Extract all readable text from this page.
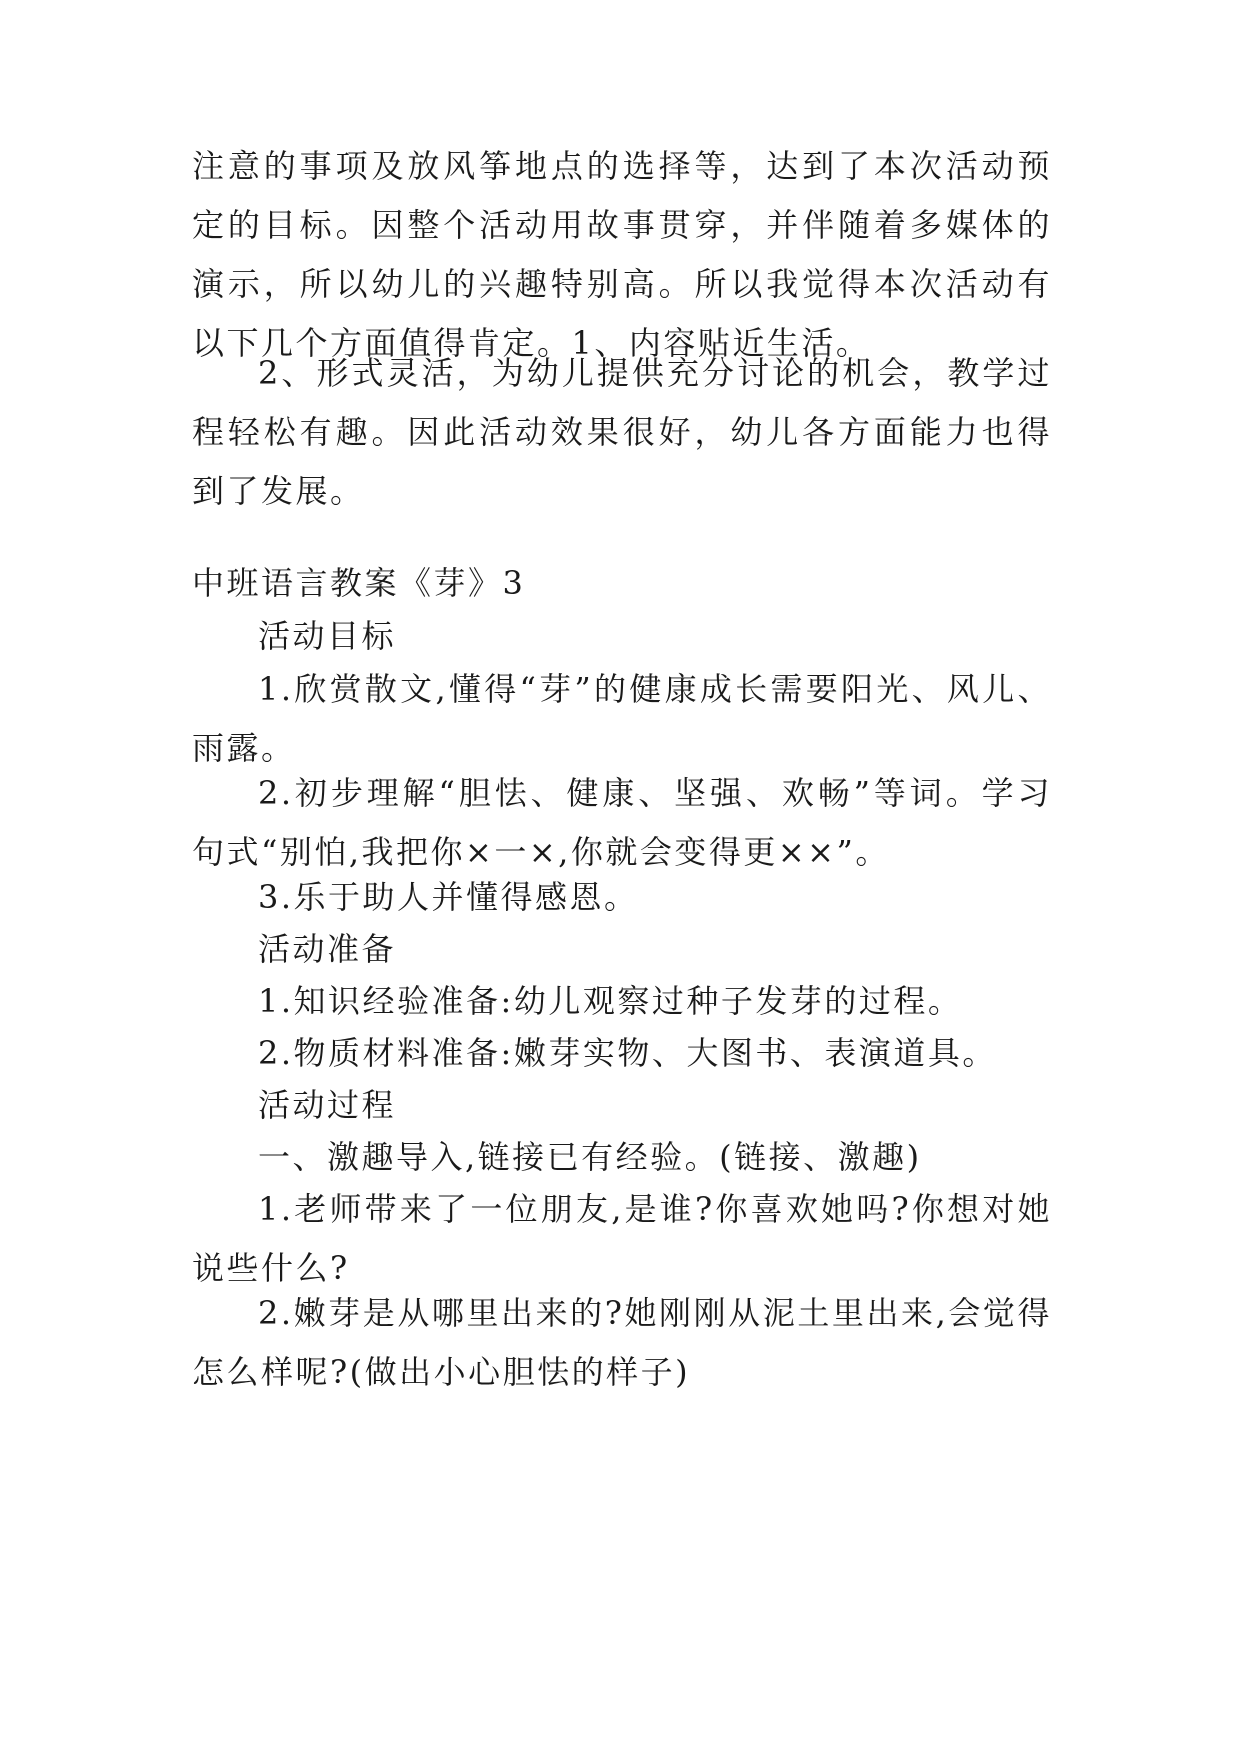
注意的事项及放风筝地点的选择等，达到了本次活动预定的目标。因整个活动用故事贯穿，并伴随着多媒体的演示，所以幼儿的兴趣特别高。所以我觉得本次活动有以下几个方面值得肯定。1、内容贴近生活。

2、形式灵活，为幼儿提供充分讨论的机会，教学过程轻松有趣。因此活动效果很好，幼儿各方面能力也得到了发展。

中班语言教案《芽》3

活动目标

1.欣赏散文,懂得“芽”的健康成长需要阳光、风儿、雨露。

2.初步理解“胆怯、健康、坚强、欢畅”等词。学习句式“别怕,我把你×一×,你就会变得更××”。

3.乐于助人并懂得感恩。

活动准备

1.知识经验准备:幼儿观察过种子发芽的过程。

2.物质材料准备:嫩芽实物、大图书、表演道具。

活动过程

一、激趣导入,链接已有经验。(链接、激趣)

1.老师带来了一位朋友,是谁?你喜欢她吗?你想对她说些什么?

2.嫩芽是从哪里出来的?她刚刚从泥土里出来,会觉得怎么样呢?(做出小心胆怯的样子)
